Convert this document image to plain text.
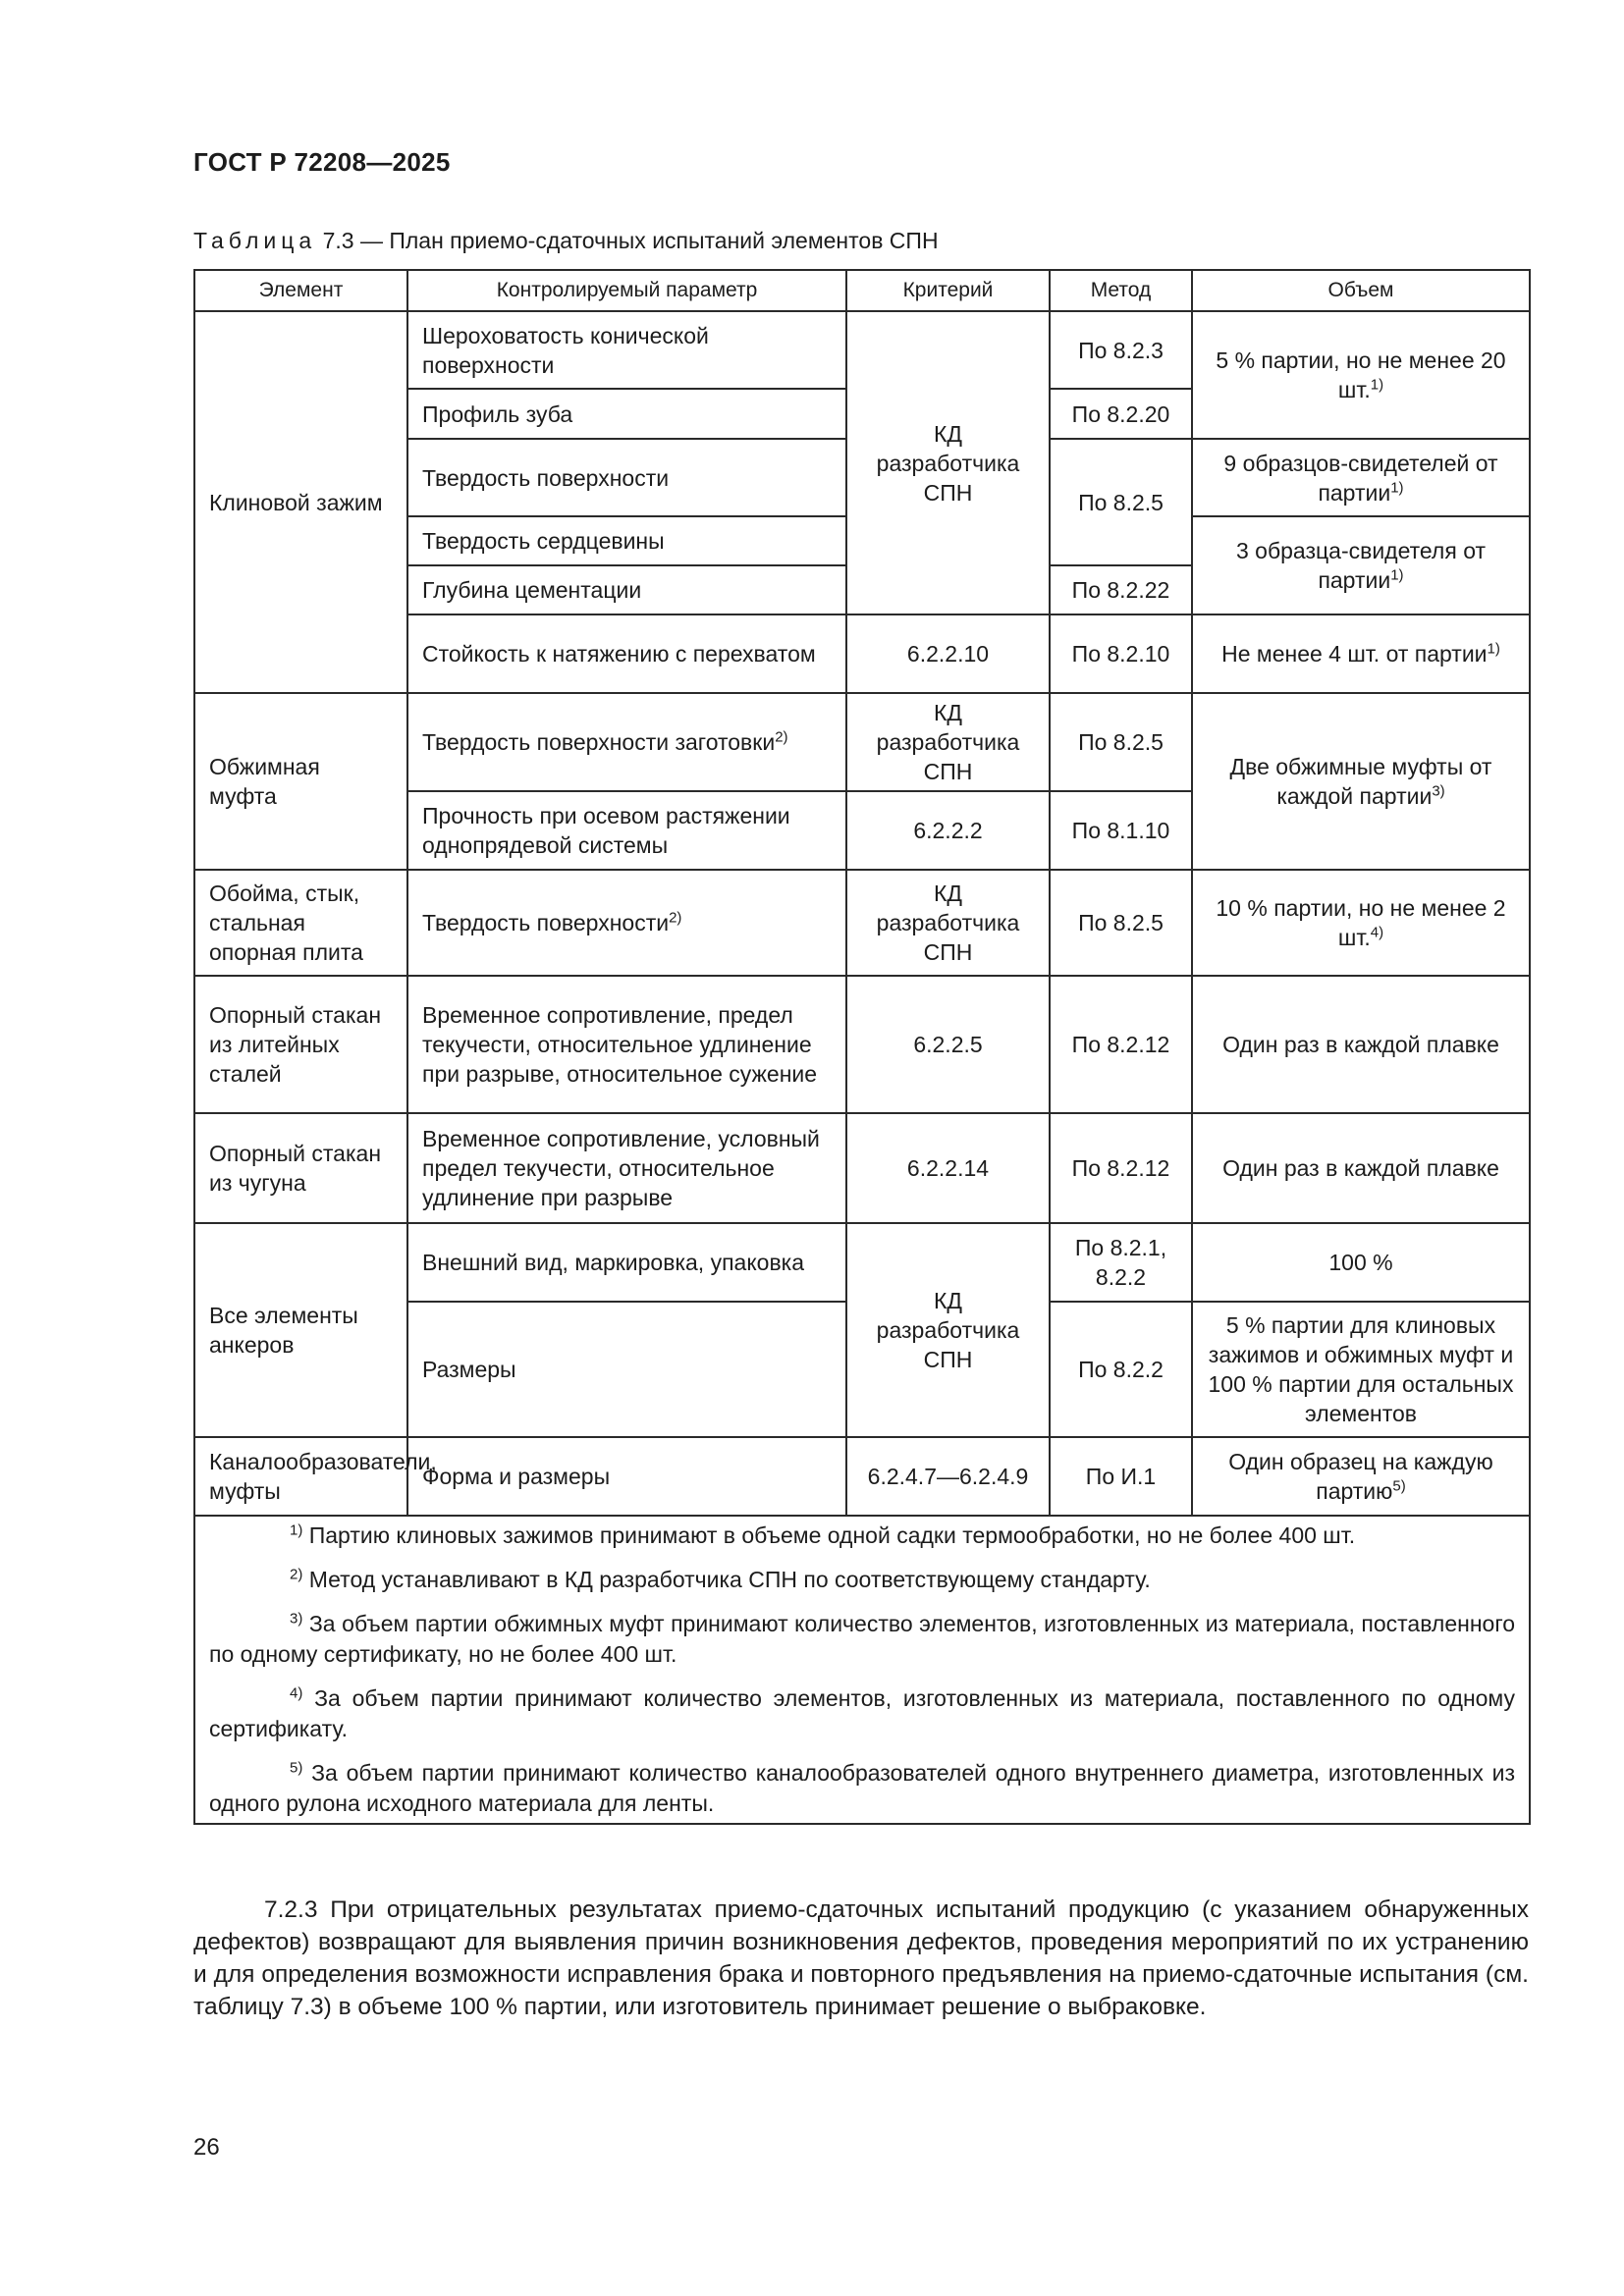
ГОСТ Р 72208—2025
Таблица 7.3 — План приемо-сдаточных испытаний элементов СПН
Элемент	Контролируемый параметр	Критерий	Метод	Объем
Клиновой зажим	Шероховатость конической поверхности	КД разработчика СПН	По 8.2.3	5 % партии, но не менее 20 шт.$^{1)}$
	Профиль зуба		По 8.2.20	
	Твердость поверхности		По 8.2.5	9 образцов-свидетелей от партии$^{1)}$
	Твердость сердцевины			3 образца-свидетеля от партии$^{1)}$
	Глубина цементации		По 8.2.22	
	Стойкость к натяжению с перехватом	6.2.2.10	По 8.2.10	Не менее 4 шт. от партии$^{1)}$
Обжимная муфта	Твердость поверхности заготовки$^{2)}$	КД разработчика СПН	По 8.2.5	Две обжимные муфты от каждой партии$^{3)}$
	Прочность при осевом растяжении однопрядевой системы	6.2.2.2	По 8.1.10	
Обойма, стык, стальная опорная плита	Твердость поверхности$^{2)}$	КД разработчика СПН	По 8.2.5	10 % партии, но не менее 2 шт.$^{4)}$
Опорный стакан из литейных сталей	Временное сопротивление, предел текучести, относительное удлинение при разрыве, относительное сужение	6.2.2.5	По 8.2.12	Один раз в каждой плавке
Опорный стакан из чугуна	Временное сопротивление, условный предел текучести, относительное удлинение при разрыве	6.2.2.14	По 8.2.12	Один раз в каждой плавке
Все элементы анкеров	Внешний вид, маркировка, упаковка	КД разработчика СПН	По 8.2.1, 8.2.2	100 %
	Размеры		По 8.2.2	5 % партии для клиновых зажимов и обжимных муфт и 100 % партии для остальных элементов
Каналообразователи, муфты	Форма и размеры	6.2.4.7—6.2.4.9	По И.1	Один образец на каждую партию$^{5)}$

$^{1)}$ Партию клиновых зажимов принимают в объеме одной садки термообработки, но не более 400 шт.
$^{2)}$ Метод устанавливают в КД разработчика СПН по соответствующему стандарту.
$^{3)}$ За объем партии обжимных муфт принимают количество элементов, изготовленных из материала, поставленного по одному сертификату, но не более 400 шт.
$^{4)}$ За объем партии принимают количество элементов, изготовленных из материала, поставленного по одному сертификату.
$^{5)}$ За объем партии принимают количество каналообразователей одного внутреннего диаметра, изготовленных из одного рулона исходного материала для ленты.				

7.2.3 При отрицательных результатах приемо-сдаточных испытаний продукцию (с указанием обнаруженных дефектов) возвращают для выявления причин возникновения дефектов, проведения мероприятий по их устранению и для определения возможности исправления брака и повторного предъявления на приемо-сдаточные испытания (см. таблицу 7.3) в объеме 100 % партии, или изготовитель принимает решение о выбраковке.

26
